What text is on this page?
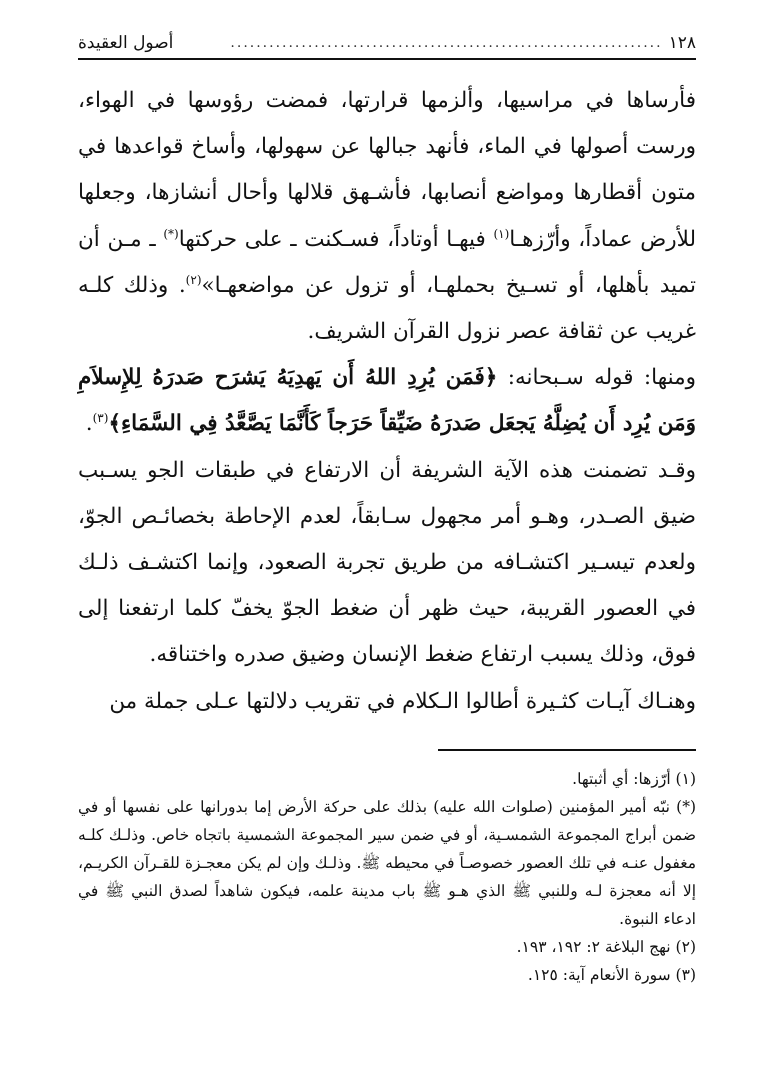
١٢٨
...................................................................
أصول العقيدة

فأرساها في مراسيها، وألزمها قرارتها، فمضت رؤوسها في الهواء، ورست أصولها في الماء، فأنهد جبالها عن سهولها، وأساخ قواعدها في متون أقطارها ومواضع أنصابها، فأشـهق قلالها وأحال أنشازها، وجعلها للأرض عماداً، وأرّزهـا$^{(١)}$ فيهـا أوتاداً، فسـكنت ـ على حركتها(*) ـ مـن أن تميد بأهلها، أو تسـيخ بحملهـا، أو تزول عن مواضعهـا»$^{(٢)}$. وذلك كلـه غريب عن ثقافة عصر نزول القرآن الشريف.

ومنها: قوله سـبحانه: ﴿فَمَن يُرِدِ اللهُ أَن يَهدِيَهُ يَشرَح صَدرَهُ لِلإِسلاَمِ وَمَن يُرِد أَن يُضِلَّهُ يَجعَل صَدرَهُ ضَيِّقاً حَرَجاً كَأَنَّمَا يَصَّعَّدُ فِي السَّمَاءِ﴾$^{(٣)}$.

وقـد تضمنت هذه الآية الشريفة أن الارتفاع في طبقات الجو يسـبب ضيق الصـدر، وهـو أمر مجهول سـابقاً، لعدم الإحاطة بخصائـص الجوّ، ولعدم تيسـير اكتشـافه من طريق تجربة الصعود، وإنما اكتشـف ذلـك في العصور القريبة، حيث ظهر أن ضغط الجوّ يخفّ كلما ارتفعنا إلى فوق، وذلك يسبب ارتفاع ضغط الإنسان وضيق صدره واختناقه.

وهنـاك آيـات كثـيرة أطالوا الـكلام في تقريب دلالتها عـلى جملة من

(١) أرّزها: أي أثبتها.

(*) نبّه أمير المؤمنين (صلوات الله عليه) بذلك على حركة الأرض إما بدورانها على نفسها أو في ضمن أبراج المجموعة الشمسـية، أو في ضمن سير المجموعة الشمسية باتجاه خاص. وذلـك كلـه مغفول عنـه في تلك العصور خصوصـاً في محيطه ﷺ. وذلـك وإن لم يكن معجـزة للقـرآن الكريـم، إلا أنه معجزة لـه وللنبي ﷺ الذي هـو ﷺ باب مدينة علمه، فيكون شاهداً لصدق النبي ﷺ في ادعاء النبوة.

(٢) نهج البلاغة ٢: ١٩٢، ١٩٣.

(٣) سورة الأنعام آية: ١٢٥.
